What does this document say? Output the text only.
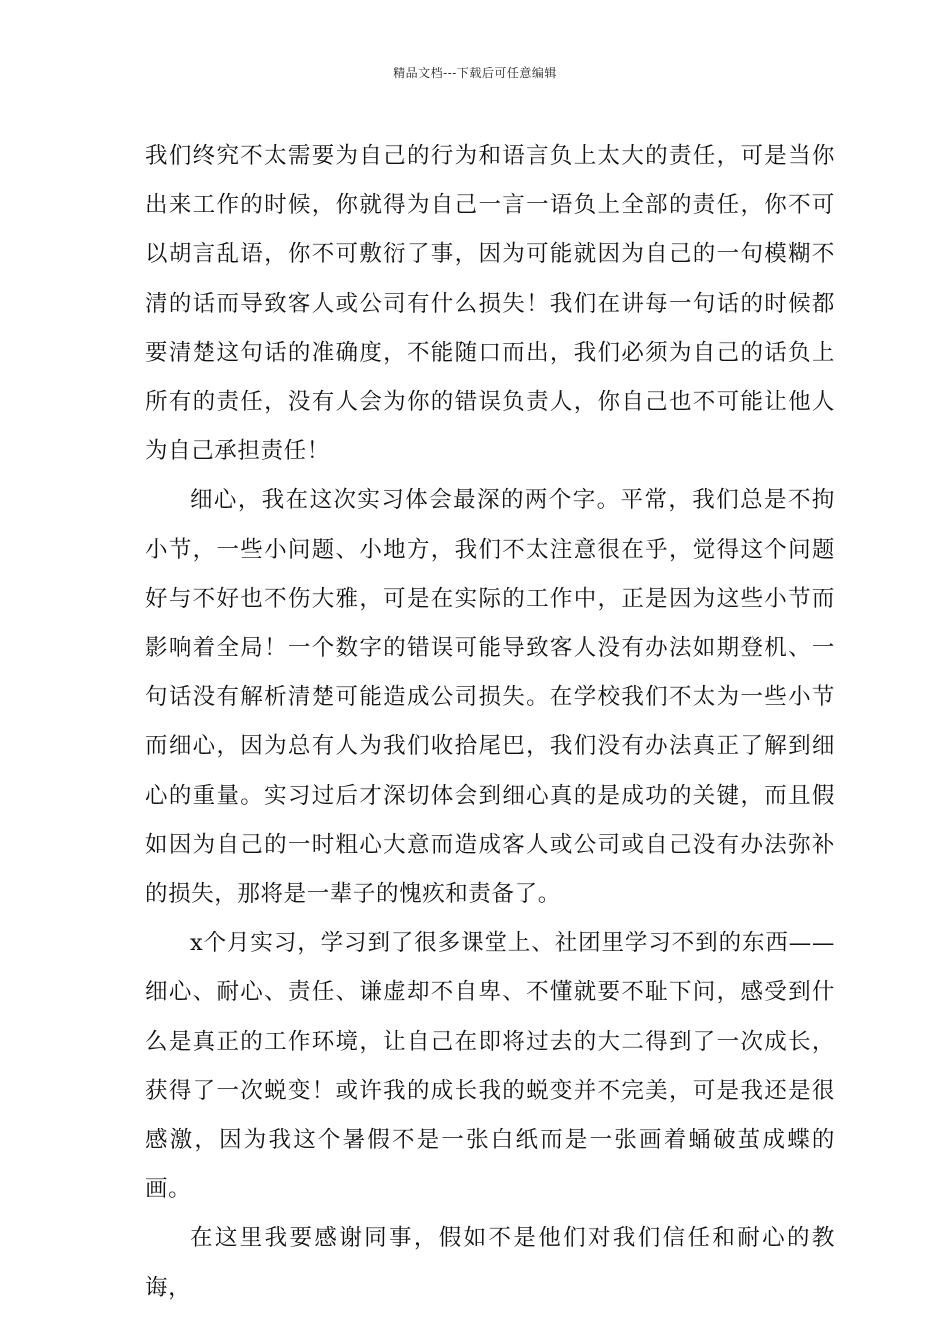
精品文档---下载后可任意编辑

我们终究不太需要为自己的行为和语言负上太大的责任，可是当你出来工作的时候，你就得为自己一言一语负上全部的责任，你不可以胡言乱语，你不可敷衍了事，因为可能就因为自己的一句模糊不清的话而导致客人或公司有什么损失！我们在讲每一句话的时候都要清楚这句话的准确度，不能随口而出，我们必须为自己的话负上所有的责任，没有人会为你的错误负责人，你自己也不可能让他人为自己承担责任！

细心，我在这次实习体会最深的两个字。平常，我们总是不拘小节，一些小问题、小地方，我们不太注意很在乎，觉得这个问题好与不好也不伤大雅，可是在实际的工作中，正是因为这些小节而影响着全局！一个数字的错误可能导致客人没有办法如期登机、一句话没有解析清楚可能造成公司损失。在学校我们不太为一些小节而细心，因为总有人为我们收拾尾巴，我们没有办法真正了解到细心的重量。实习过后才深切体会到细心真的是成功的关键，而且假如因为自己的一时粗心大意而造成客人或公司或自己没有办法弥补的损失，那将是一辈子的愧疚和责备了。

x个月实习，学习到了很多课堂上、社团里学习不到的东西——细心、耐心、责任、谦虚却不自卑、不懂就要不耻下问，感受到什么是真正的工作环境，让自己在即将过去的大二得到了一次成长，获得了一次蜕变！或许我的成长我的蜕变并不完美，可是我还是很感激，因为我这个暑假不是一张白纸而是一张画着蛹破茧成蝶的画。

在这里我要感谢同事，假如不是他们对我们信任和耐心的教诲，
